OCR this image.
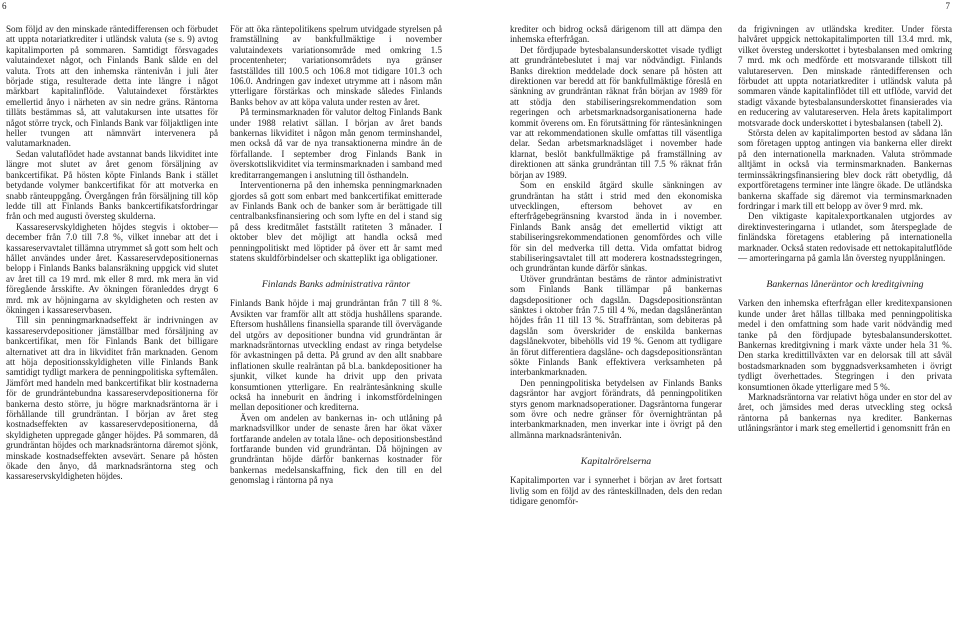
6	7

Som följd av den minskade räntedifferensen och förbudet att uppta notariatkrediter i utländsk valuta (se s. 9) avtog kapitalimporten på sommaren. Samtidigt försvagades valutaindexet något, och Finlands Bank sålde en del valuta. Trots att den inhemska räntenivån i juli åter började stiga, resulterade detta inte längre i något märkbart kapitalinflöde. Valutaindexet förstärktes emellertid ånyo i närheten av sin nedre gräns. Räntorna tilläts bestämmas så, att valutakursen inte utsattes för något större tryck, och Finlands Bank var följaktligen inte heller tvungen att nämnvärt intervenera på valutamarknaden.

Sedan valutaflödet hade avstannat bands likviditet inte längre mot slutet av året genom försäljning av bankcertifikat. På hösten köpte Finlands Bank i stället betydande volymer bankcertifikat för att motverka en snabb ränteuppgång. Övergången från försäljning till köp ledde till att Finlands Banks bankcertifikatsfordringar från och med augusti översteg skulderna.

Kassareservskyldigheten höjdes stegvis i oktober—december från 7.0 till 7.8 %, vilket innebar att det i kassareservavtalet tillämna utrymmet så gott som helt och hållet användes under året. Kassareservdepositionernas belopp i Finlands Banks balansräkning uppgick vid slutet av året till ca 19 mrd. mk eller 8 mrd. mk mera än vid föregående årsskifte. Av ökningen föranleddes drygt 6 mrd. mk av höjningarna av skyldigheten och resten av ökningen i kassareservbasen.

Till sin penningmarknadseffekt är indrivningen av kassareservdepositioner jämställbar med försäljning av bankcertifikat, men för Finlands Bank det billigare alternativet att dra in likviditet från marknaden. Genom att höja depositionsskyldigheten ville Finlands Bank samtidigt tydligt markera de penningpolitiska syftemålen. Jämfört med handeln med bankcertifikat blir kostnaderna för de grundräntebundna kassareservdepositionerna för bankerna desto större, ju högre marknadsräntorna är i förhållande till grundräntan. I början av året steg kostnadseffekten av kassareservdepositionerna, då skyldigheten uppregade gånger höjdes. På sommaren, då grundräntan höjdes och marknadsräntorna däremot sjönk, minskade kostnadseffekten avsevärt. Senare på hösten ökade den ånyo, då marknadsräntorna steg och kassareservskyldigheten höjdes.

För att öka räntepolitikens spelrum utvidgade styrelsen på framställning av bankfullmäktige i november valutaindexets variationsområde med omkring 1.5 procentenheter; variationsområdets nya gränser fastställdes till 100.5 och 106.8 mot tidigare 101.3 och 106.0. Andringen gav indexet utrymme att i nåsom mån ytterligare förstärkas och minskade således Finlands Banks behov av att köpa valuta under resten av året.

På terminsmarknaden för valutor deltog Finlands Bank under 1988 relativt sällan. I början av året bands bankernas likviditet i någon mån genom terminshandel, men också då var de nya transaktionerna mindre än de förfallande. I september drog Finlands Bank in överskottslikviditet via terminsmarknaden i samband med kreditarrangemangen i anslutning till östhandeln.

Interventionerna på den inhemska penningmarknaden gjordes så gott som enbart med bankcertifikat emitterade av Finlands Bank och de banker som är berättigade till centralbanksfinansiering och som lyfte en del i stand sig på dess kreditmålet fastställt ratiteten 3 månader. I oktober blev det möjligt att handla också med penningpolitiskt med löptider på över ett år samt med statens skuldförbindelser och skatteplikt iga obligationer.

Finlands Banks administrativa räntor

Finlands Bank höjde i maj grundräntan från 7 till 8 %. Avsikten var framför allt att stödja hushållens sparande. Eftersom hushållens finansiella sparande till övervägande del utgörs av depositioner bundna vid grundräntan är marknadsräntornas utveckling endast av ringa betydelse för avkastningen på detta. På grund av den allt snabbare inflationen skulle realräntan på bl.a. bankdepositioner ha sjunkit, vilket kunde ha drivit upp den privata konsumtionen ytterligare. En realräntesänkning skulle också ha inneburit en ändring i inkomstfördelningen mellan depositioner och krediterna.

Även om andelen av bankernas in- och utlåning på marknadsvillkor under de senaste åren har ökat växer fortfarande andelen av totala låne- och depositionsbestånd fortfarande bunden vid grundräntan. Då höjningen av grundräntan höjde därför bankernas kostnader för bankernas medelsanskaffning, fick den till en del genomslag i räntorna på nya

krediter och bidrog också därigenom till att dämpa den inhemska efterfrågan.

Det fördjupade bytesbalansunderskottet visade tydligt att grundräntebeslutet i maj var nödvändigt. Finlands Banks direktion meddelade dock senare på hösten att direktionen var beredd att för bankfullmäktige föreslå en sänkning av grundräntan räknat från början av 1989 för att stödja den stabiliseringsrekommendation som regeringen och arbetsmarknadsorganisationerna hade kommit överens om. En förutsättning för räntesänkningen var att rekommendationen skulle omfattas till väsentliga delar. Sedan arbetsmarknadsläget i november hade klarnat, beslöt bankfullmäktige på framställning av direktionen att sänka grundräntan till 7.5 % räknat från början av 1989.

Som en enskild åtgärd skulle sänkningen av grundräntan ha stått i strid med den ekonomiska utvecklingen, eftersom behovet av en efterfrågebegränsning kvarstod ända in i november. Finlands Bank ansåg det emellertid viktigt att stabiliseringsrekommendationen genomfördes och ville för sin del medverka till detta. Vida omfattat bidrog stabiliseringsavtalet till att moderera kostnadsstegringen, och grundräntan kunde därför sänkas.

Utöver grundräntan bestäms de räntor administrativt som Finlands Bank tillämpar på bankernas dagsdepositioner och dagslån. Dagsdepositionsräntan sänktes i oktober från 7.5 till 4 %, medan dagslåneräntan höjdes från 11 till 13 %. Straffräntan, som debiteras på dagslån som överskrider de enskilda bankernas dagslånekvoter, bibehölls vid 19 %. Genom att tydligare än förut differentiera dagslåne- och dagsdepositionsräntan sökte Finlands Bank effektivera verksamheten på interbankmarknaden.

Den penningpolitiska betydelsen av Finlands Banks dagsräntor har avgjort förändrats, då penningpolitiken styrs genom marknadsoperationer. Dagsräntorna fungerar som övre och nedre gränser för övernighträntan på interbankmarknaden, men inverkar inte i övrigt på den allmänna marknadsräntenivån.

Kapitalrörelserna

Kapitalimporten var i synnerhet i början av året fortsatt livlig som en följd av des ränteskillnaden, dels den redan tidigare genomför-

da frigivningen av utländska krediter. Under första halvåret uppgick nettokapitalimporten till 13.4 mrd. mk, vilket översteg underskottet i bytesbalansen med omkring 7 mrd. mk och medförde ett motsvarande tillskott till valutareserven. Den minskade räntedifferensen och förbudet att uppta notariatkrediter i utländsk valuta på sommaren vände kapitalinflödet till ett utflöde, varvid det stadigt växande bytesbalansunderskottet finansierades via en reducering av valutareserven. Hela årets kapitalimport motsvarade dock underskottet i bytesbalansen (tabell 2).

Största delen av kapitalimporten bestod av sådana lån som företagen upptog antingen via bankerna eller direkt på den internationella marknaden. Valuta strömmade alltjämt in också via terminsmarknaden. Bankernas terminssäkringsfinansiering blev dock rätt obetydlig, då exportföretagens terminer inte längre ökade. De utländska bankerna skaffade sig däremot via terminsmarknaden fordringar i mark till ett belopp av över 9 mrd. mk.

Den viktigaste kapitalexportkanalen utgjordes av direktinvesteringarna i utlandet, som återspeglade de finländska företagens etablering på internationella marknader. Också staten redovisade ett nettokapitalutflöde — amorteringarna på gamla lån översteg nyupplåningen.

Bankernas låneräntor och kreditgivning

Varken den inhemska efterfrågan eller kreditexpansionen kunde under året hållas tillbaka med penningpolitiska medel i den omfattning som hade varit nödvändig med tanke på den fördjupade bytesbalansunderskottet. Bankernas kreditgivning i mark växte under hela 31 %. Den starka kredittillväxten var en delorsak till att såväl bostadsmarknaden som byggnadsverksamheten i övrigt tydligt överhettades. Stegringen i den privata konsumtionen ökade ytterligare med 5 %.

Marknadsräntorna var relativt höga under en stor del av året, och jämsides med deras utveckling steg också räntorna på bankernas nya krediter. Bankernas utlåningsräntor i mark steg emellertid i genomsnitt från en
